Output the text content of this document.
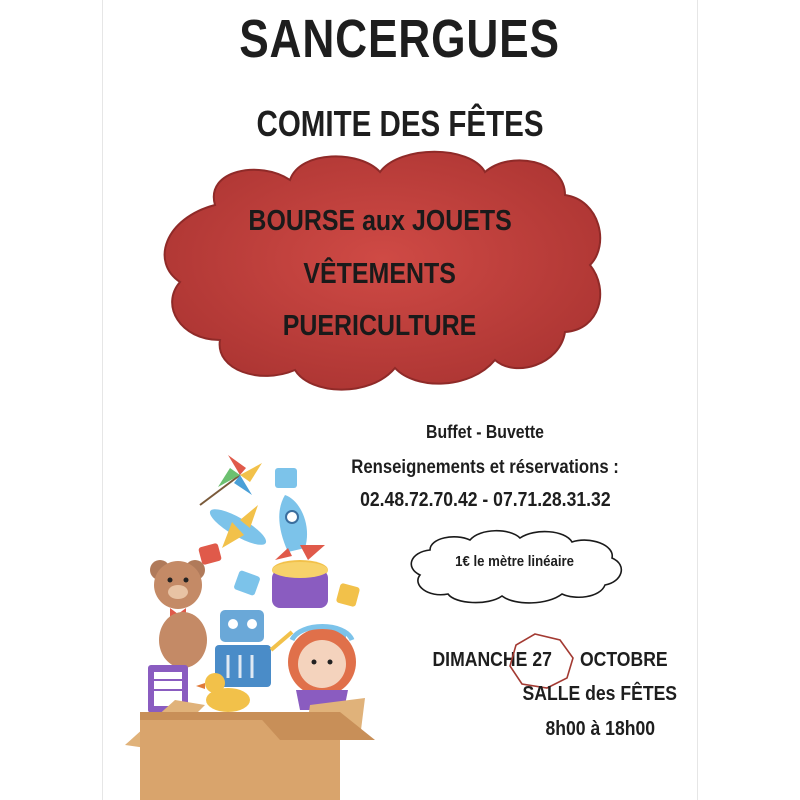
SANCERGUES
COMITE DES FÊTES
BOURSE aux JOUETS
VÊTEMENTS
PUERICULTURE
Buffet - Buvette
Renseignements et réservations :
02.48.72.70.42 - 07.71.28.31.32
1€ le mètre linéaire
DIMANCHE 27	OCTOBRE
SALLE des FÊTES
8h00 à 18h00
